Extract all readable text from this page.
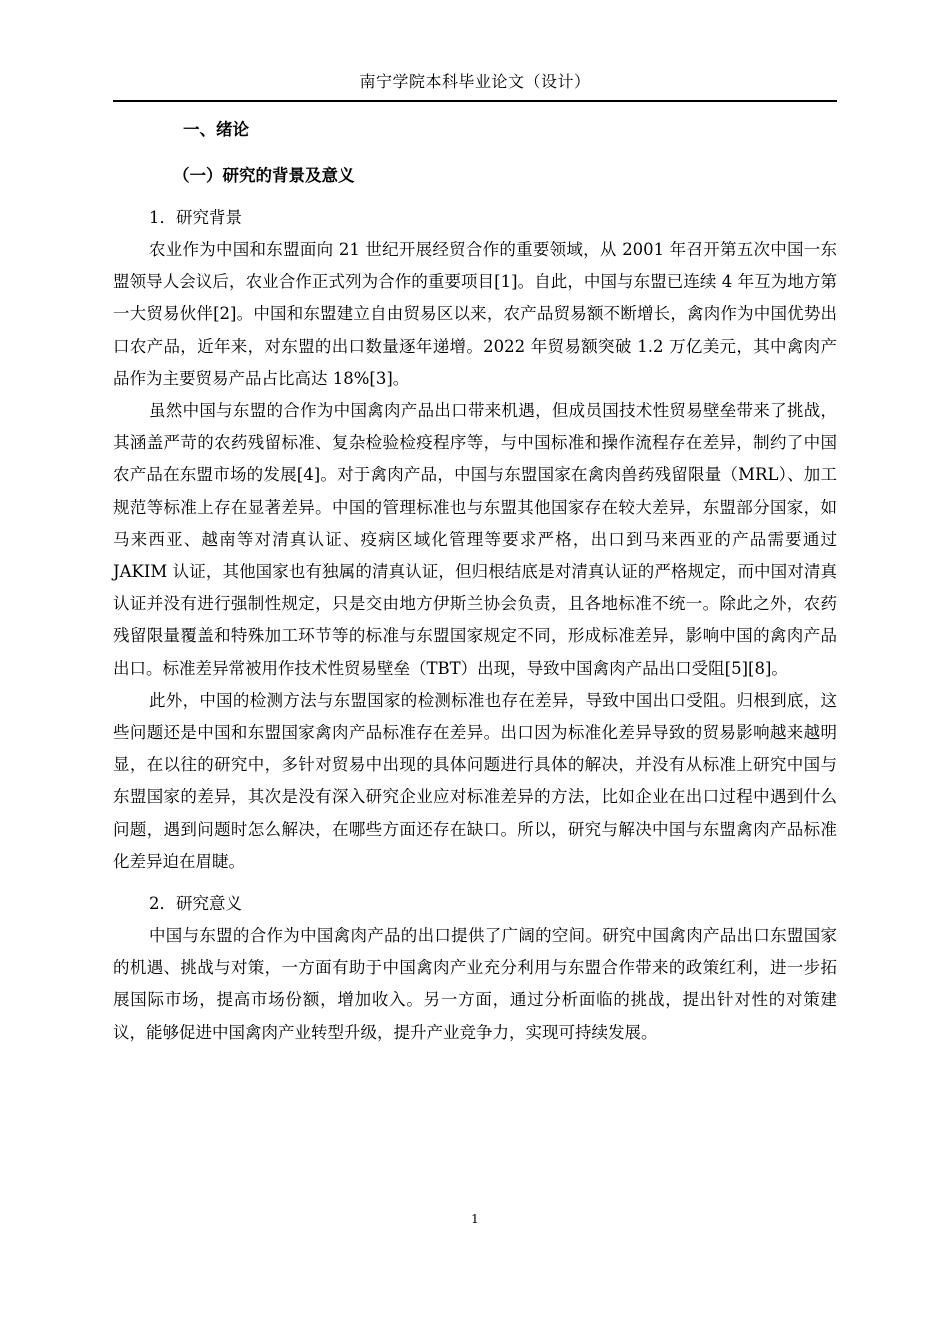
南宁学院本科毕业论文（设计）
一、绪论
（一）研究的背景及意义
1．研究背景

农业作为中国和东盟面向 21 世纪开展经贸合作的重要领域，从 2001 年召开第五次中国一东盟领导人会议后，农业合作正式列为合作的重要项目[1]。自此，中国与东盟已连续 4 年互为地方第一大贸易伙伴[2]。中国和东盟建立自由贸易区以来，农产品贸易额不断增长，禽肉作为中国优势出口农产品，近年来，对东盟的出口数量逐年递增。2022 年贸易额突破 1.2 万亿美元，其中禽肉产品作为主要贸易产品占比高达 18%[3]。

虽然中国与东盟的合作为中国禽肉产品出口带来机遇，但成员国技术性贸易壁垒带来了挑战，其涵盖严苛的农药残留标准、复杂检验检疫程序等，与中国标准和操作流程存在差异，制约了中国农产品在东盟市场的发展[4]。对于禽肉产品，中国与东盟国家在禽肉兽药残留限量（MRL）、加工规范等标准上存在显著差异。中国的管理标准也与东盟其他国家存在较大差异，东盟部分国家，如马来西亚、越南等对清真认证、疫病区域化管理等要求严格，出口到马来西亚的产品需要通过 JAKIM 认证，其他国家也有独属的清真认证，但归根结底是对清真认证的严格规定，而中国对清真认证并没有进行强制性规定，只是交由地方伊斯兰协会负责，且各地标准不统一。除此之外，农药残留限量覆盖和特殊加工环节等的标准与东盟国家规定不同，形成标准差异，影响中国的禽肉产品出口。标准差异常被用作技术性贸易壁垒（TBT）出现，导致中国禽肉产品出口受阻[5][8]。

此外，中国的检测方法与东盟国家的检测标准也存在差异，导致中国出口受阻。归根到底，这些问题还是中国和东盟国家禽肉产品标准存在差异。出口因为标准化差异导致的贸易影响越来越明显，在以往的研究中，多针对贸易中出现的具体问题进行具体的解决，并没有从标准上研究中国与东盟国家的差异，其次是没有深入研究企业应对标准差异的方法，比如企业在出口过程中遇到什么问题，遇到问题时怎么解决，在哪些方面还存在缺口。所以，研究与解决中国与东盟禽肉产品标准化差异迫在眉睫。

2．研究意义

中国与东盟的合作为中国禽肉产品的出口提供了广阔的空间。研究中国禽肉产品出口东盟国家的机遇、挑战与对策，一方面有助于中国禽肉产业充分利用与东盟合作带来的政策红利，进一步拓展国际市场，提高市场份额，增加收入。另一方面，通过分析面临的挑战，提出针对性的对策建议，能够促进中国禽肉产业转型升级，提升产业竞争力，实现可持续发展。

1
